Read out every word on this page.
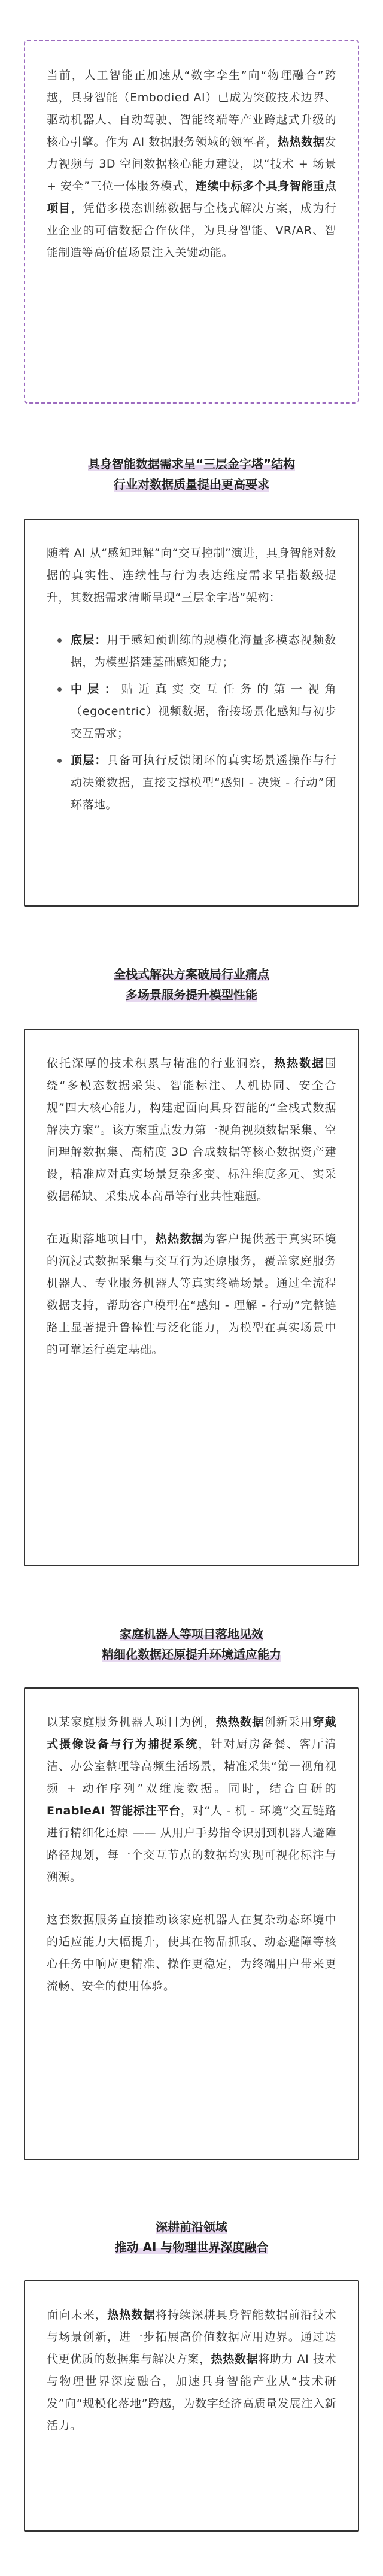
当前，人工智能正加速从“数字孪生”向“物理融合”跨越，具身智能（Embodied AI）已成为突破技术边界、驱动机器人、自动驾驶、智能终端等产业跨越式升级的核心引擎。作为 AI 数据服务领域的领军者，热热数据发力视频与 3D 空间数据核心能力建设，以“技术 + 场景 + 安全”三位一体服务模式，连续中标多个具身智能重点项目，凭借多模态训练数据与全栈式解决方案，成为行业企业的可信数据合作伙伴，为具身智能、VR/AR、智能制造等高价值场景注入关键动能。

具身智能数据需求呈“三层金字塔”结构
行业对数据质量提出更高要求

随着 AI 从“感知理解”向“交互控制”演进，具身智能对数据的真实性、连续性与行为表达维度需求呈指数级提升，其数据需求清晰呈现“三层金字塔”架构：

底层：用于感知预训练的规模化海量多模态视频数据，为模型搭建基础感知能力；
中层：贴近真实交互任务的第一视角（egocentric）视频数据，衔接场景化感知与初步交互需求；
顶层：具备可执行反馈闭环的真实场景遥操作与行动决策数据，直接支撑模型“感知 - 决策 - 行动”闭环落地。
全栈式解决方案破局行业痛点
多场景服务提升模型性能

依托深厚的技术积累与精准的行业洞察，热热数据围绕“多模态数据采集、智能标注、人机协同、安全合规”四大核心能力，构建起面向具身智能的“全栈式数据解决方案”。该方案重点发力第一视角视频数据采集、空间理解数据集、高精度 3D 合成数据等核心数据资产建设，精准应对真实场景复杂多变、标注维度多元、实采数据稀缺、采集成本高昂等行业共性难题。

在近期落地项目中，热热数据为客户提供基于真实环境的沉浸式数据采集与交互行为还原服务，覆盖家庭服务机器人、专业服务机器人等真实终端场景。通过全流程数据支持，帮助客户模型在“感知 - 理解 - 行动”完整链路上显著提升鲁棒性与泛化能力，为模型在真实场景中的可靠运行奠定基础。

家庭机器人等项目落地见效
精细化数据还原提升环境适应能力

以某家庭服务机器人项目为例，热热数据创新采用穿戴式摄像设备与行为捕捉系统，针对厨房备餐、客厅清洁、办公室整理等高频生活场景，精准采集“第一视角视频 + 动作序列”双维度数据。同时，结合自研的 EnableAI 智能标注平台，对“人 - 机 - 环境”交互链路进行精细化还原 —— 从用户手势指令识别到机器人避障路径规划，每一个交互节点的数据均实现可视化标注与溯源。

这套数据服务直接推动该家庭机器人在复杂动态环境中的适应能力大幅提升，使其在物品抓取、动态避障等核心任务中响应更精准、操作更稳定，为终端用户带来更流畅、安全的使用体验。

深耕前沿领域
推动 AI 与物理世界深度融合

面向未来，热热数据将持续深耕具身智能数据前沿技术与场景创新，进一步拓展高价值数据应用边界。通过迭代更优质的数据集与解决方案，热热数据将助力 AI 技术与物理世界深度融合，加速具身智能产业从“技术研发”向“规模化落地”跨越，为数字经济高质量发展注入新活力。
